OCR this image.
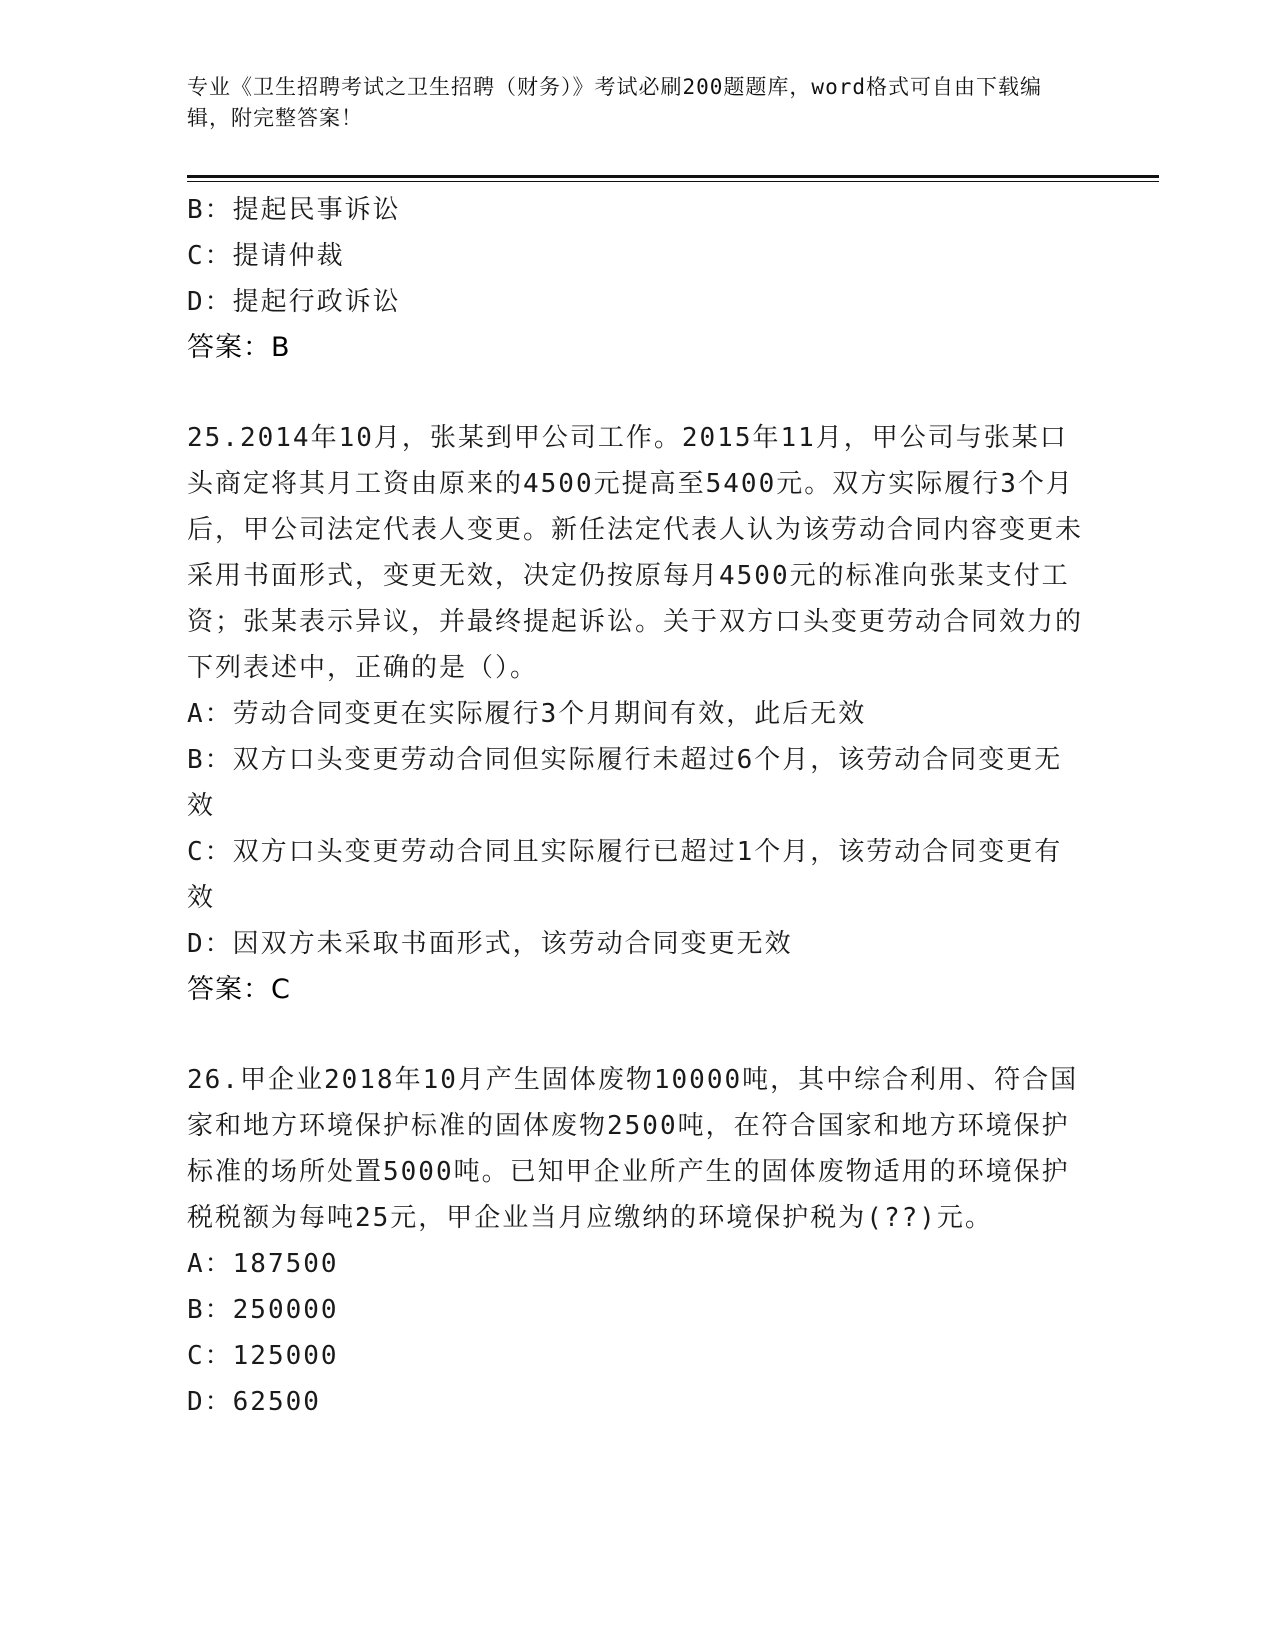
专业《卫生招聘考试之卫生招聘（财务）》考试必刷200题题库，word格式可自由下载编辑，附完整答案！
B：提起民事诉讼
C：提请仲裁
D：提起行政诉讼
答案：B
25.2014年10月，张某到甲公司工作。2015年11月，甲公司与张某口头商定将其月工资由原来的4500元提高至5400元。双方实际履行3个月后，甲公司法定代表人变更。新任法定代表人认为该劳动合同内容变更未采用书面形式，变更无效，决定仍按原每月4500元的标准向张某支付工资；张某表示异议，并最终提起诉讼。关于双方口头变更劳动合同效力的下列表述中，正确的是（）。
A：劳动合同变更在实际履行3个月期间有效，此后无效
B：双方口头变更劳动合同但实际履行未超过6个月，该劳动合同变更无效
C：双方口头变更劳动合同且实际履行已超过1个月，该劳动合同变更有效
D：因双方未采取书面形式，该劳动合同变更无效
答案：C
26.甲企业2018年10月产生固体废物10000吨，其中综合利用、符合国家和地方环境保护标准的固体废物2500吨，在符合国家和地方环境保护标准的场所处置5000吨。已知甲企业所产生的固体废物适用的环境保护税税额为每吨25元，甲企业当月应缴纳的环境保护税为(??)元。
A：187500
B：250000
C：125000
D：62500
